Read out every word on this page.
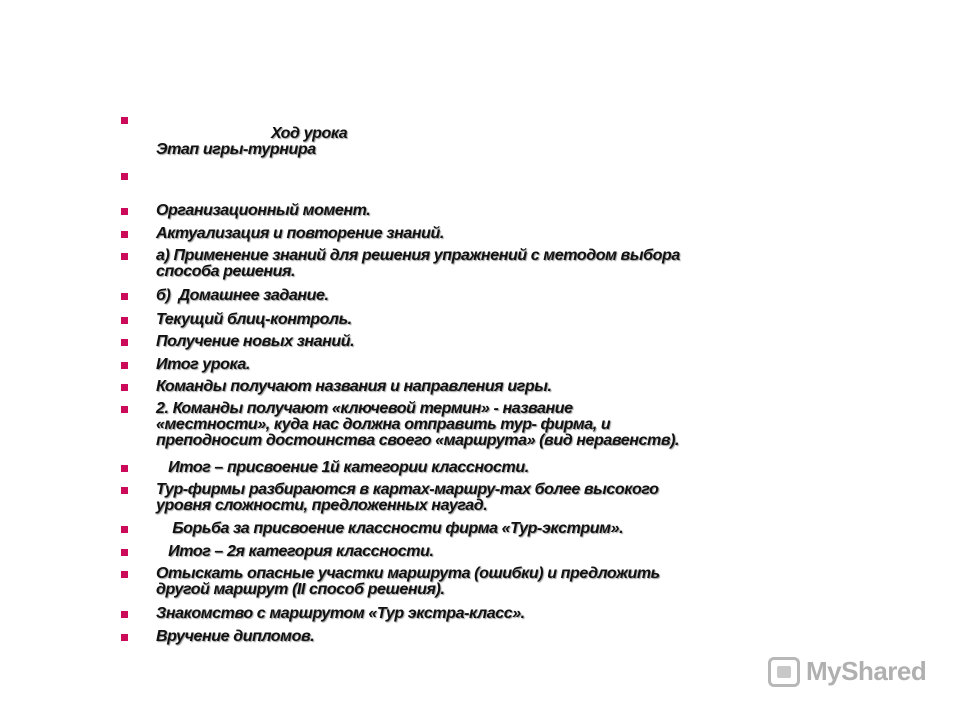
Ход урока
Этап игры-турнира
Организационный момент.
Актуализация и повторение знаний.
а) Применение знаний для решения упражнений с методом выбора
способа решения.
б)  Домашнее задание.
Текущий блиц-контроль.
Получение новых знаний.
Итог урока.
Команды получают названия и направления игры.
2. Команды получают «ключевой термин» - название
«местности», куда нас должна отправить тур- фирма, и
преподносит достоинства своего «маршрута» (вид неравенств).
Итог – присвоение 1й категории классности.
Тур-фирмы разбираются в картах-маршру-тах более высокого
уровня сложности, предложенных наугад.
Борьба за присвоение классности фирма «Тур-экстрим».
Итог – 2я категория классности.
Отыскать опасные участки маршрута (ошибки) и предложить
другой маршрут (II способ решения).
Знакомство с маршрутом «Тур экстра-класс».
Вручение дипломов.
MyShared
